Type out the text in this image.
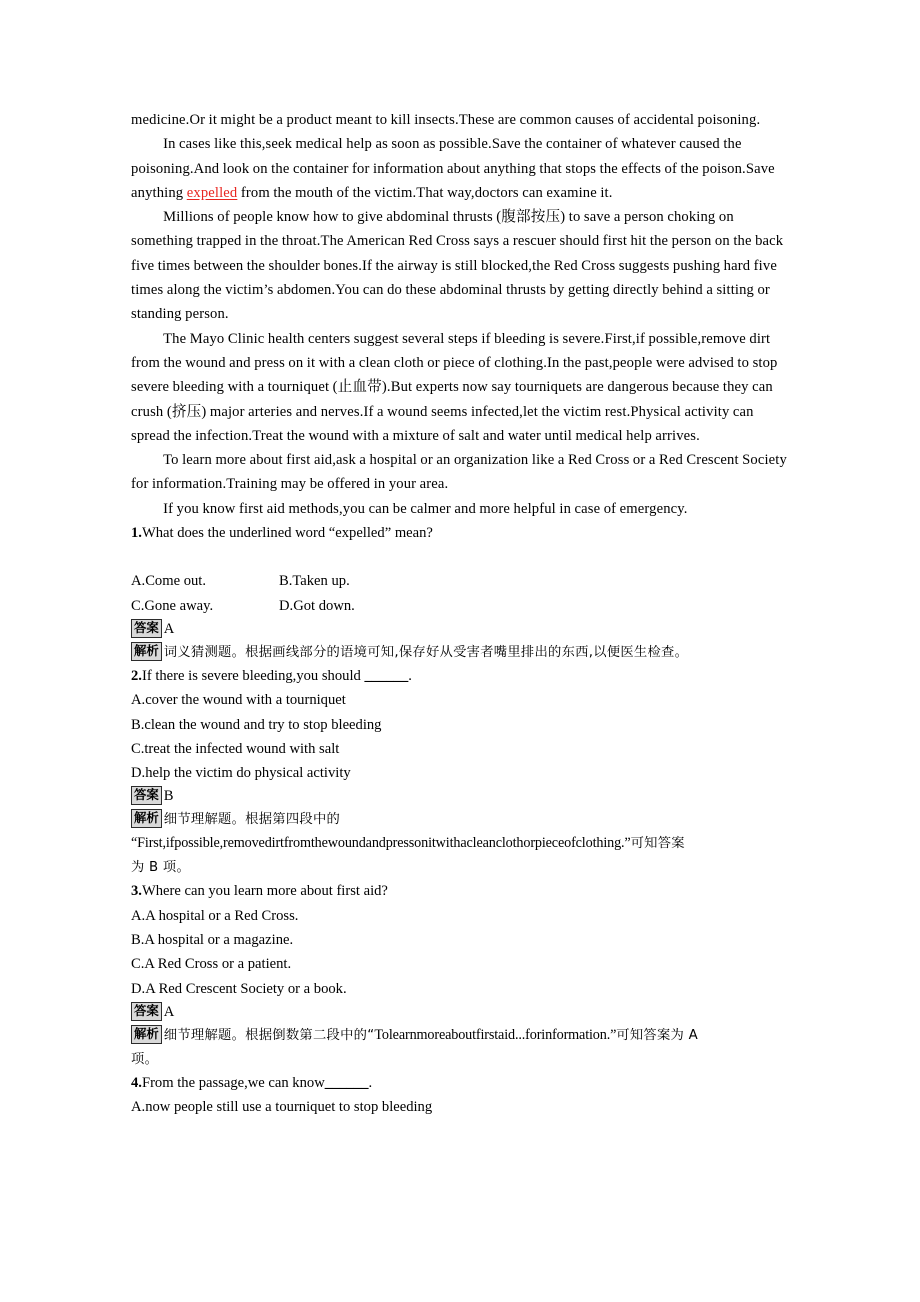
medicine.Or it might be a product meant to kill insects.These are common causes of accidental poisoning.

In cases like this,seek medical help as soon as possible.Save the container of whatever caused the poisoning.And look on the container for information about anything that stops the effects of the poison.Save anything expelled from the mouth of the victim.That way,doctors can examine it.

Millions of people know how to give abdominal thrusts (腹部按压) to save a person choking on something trapped in the throat.The American Red Cross says a rescuer should first hit the person on the back five times between the shoulder bones.If the airway is still blocked,the Red Cross suggests pushing hard five times along the victim’s abdomen.You can do these abdominal thrusts by getting directly behind a sitting or standing person.

The Mayo Clinic health centers suggest several steps if bleeding is severe.First,if possible,remove dirt from the wound and press on it with a clean cloth or piece of clothing.In the past,people were advised to stop severe bleeding with a tourniquet (止血带).But experts now say tourniquets are dangerous because they can crush (挤压) major arteries and nerves.If a wound seems infected,let the victim rest.Physical activity can spread the infection.Treat the wound with a mixture of salt and water until medical help arrives.

To learn more about first aid,ask a hospital or an organization like a Red Cross or a Red Crescent Society for information.Training may be offered in your area.

If you know first aid methods,you can be calmer and more helpful in case of emergency.

1.What does the underlined word “expelled” mean?

A.Come out.	B.Taken up.
C.Gone away.	D.Got down.

答案 A

解析 词义猜测题。根据画线部分的语境可知,保存好从受害者嘴里排出的东西,以便医生检查。

2.If there is severe bleeding,you should ______.

A.cover the wound with a tourniquet

B.clean the wound and try to stop bleeding

C.treat the infected wound with salt

D.help the victim do physical activity

答案 B

解析 细节理解题。根据第四段中的

“First,ifpossible,removedirtfromthewoundandpressonitwithacleanclothorpieceofclothing.”可知答案

为 B 项。

3.Where can you learn more about first aid?

A.A hospital or a Red Cross.

B.A hospital or a magazine.

C.A Red Cross or a patient.

D.A Red Crescent Society or a book.

答案 A

解析 细节理解题。根据倒数第二段中的“Tolearnmoreaboutfirstaid...forinformation.”可知答案为 A

项。

4.From the passage,we can know______.

A.now people still use a tourniquet to stop bleeding
